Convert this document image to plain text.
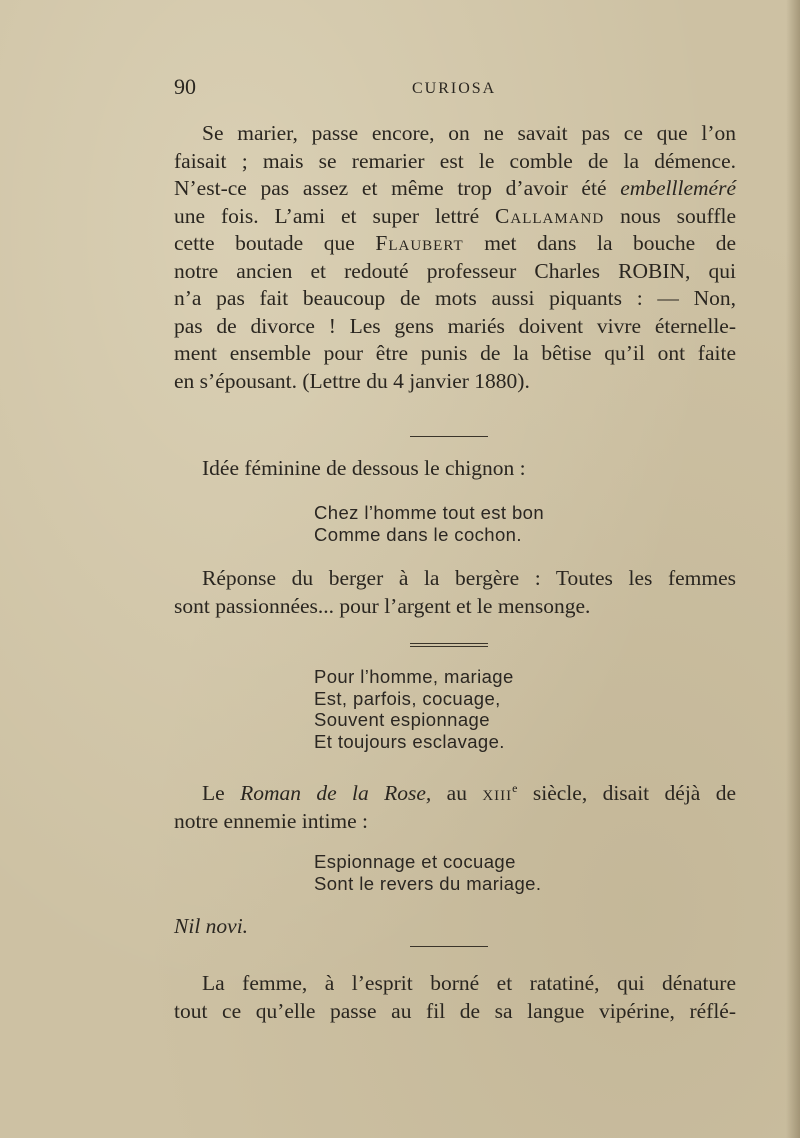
90	CURIOSA
Se marier, passe encore, on ne savait pas ce que l’on
faisait ; mais se remarier est le comble de la démence.
N’est-ce pas assez et même trop d’avoir été embellleméré
une fois. L’ami et super lettré Callamand nous souffle
cette boutade que Flaubert met dans la bouche de
notre ancien et redouté professeur Charles ROBIN, qui
n’a pas fait beaucoup de mots aussi piquants : — Non,
pas de divorce ! Les gens mariés doivent vivre éternelle-
ment ensemble pour être punis de la bêtise qu’il ont faite
en s’épousant. (Lettre du 4 janvier 1880).
Idée féminine de dessous le chignon :
Chez l’homme tout est bon
Comme dans le cochon.
Réponse du berger à la bergère : Toutes les femmes
sont passionnées... pour l’argent et le mensonge.
Pour l’homme, mariage
Est, parfois, cocuage,
Souvent espionnage
Et toujours esclavage.
Le Roman de la Rose, au xiii$^e$ siècle, disait déjà de
notre ennemie intime :
Espionnage et cocuage
Sont le revers du mariage.
Nil novi.
La femme, à l’esprit borné et ratatiné, qui dénature
tout ce qu’elle passe au fil de sa langue vipérine, réflé-
